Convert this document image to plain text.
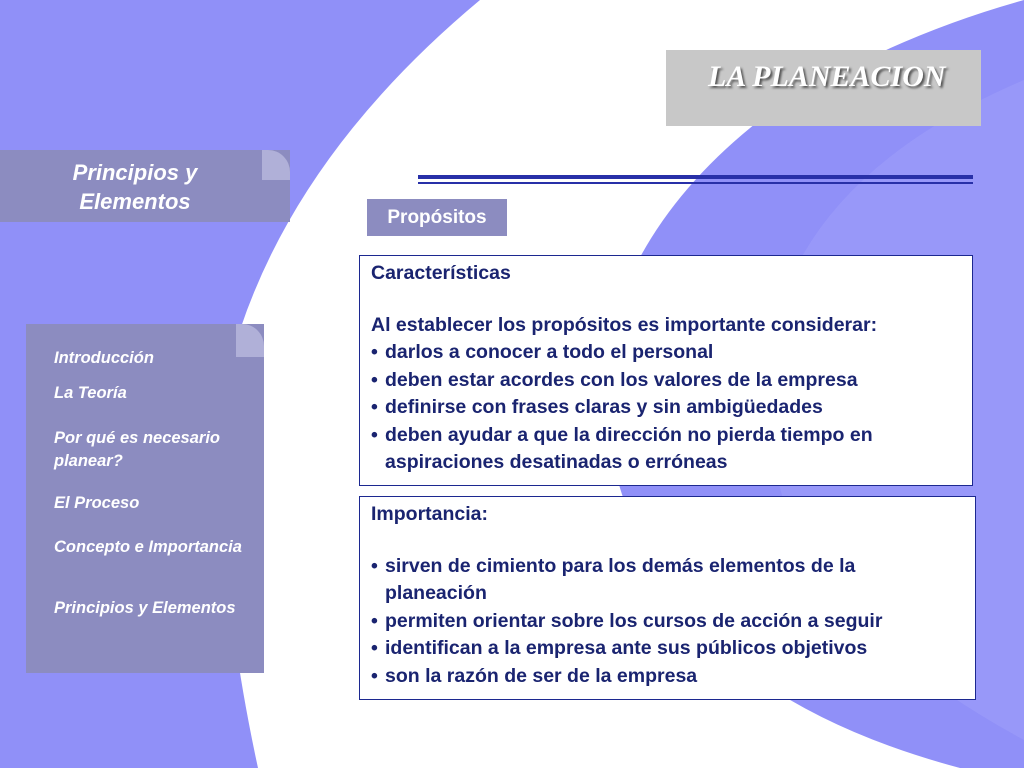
LA PLANEACION
Principios y Elementos
Introducción
La Teoría
Por qué es necesario planear?
El Proceso
Concepto e Importancia
Principios y Elementos
Propósitos
Características
Al establecer los propósitos es importante considerar:
• darlos a conocer a todo el personal
• deben estar acordes con los valores de la empresa
• definirse con frases claras y sin ambigüedades
• deben ayudar a que la dirección no pierda tiempo en aspiraciones desatinadas o erróneas
Importancia:
• sirven de cimiento para los demás elementos de la planeación
• permiten orientar sobre los cursos de acción a seguir
• identifican a la empresa ante sus públicos objetivos
• son la razón de ser de la empresa
